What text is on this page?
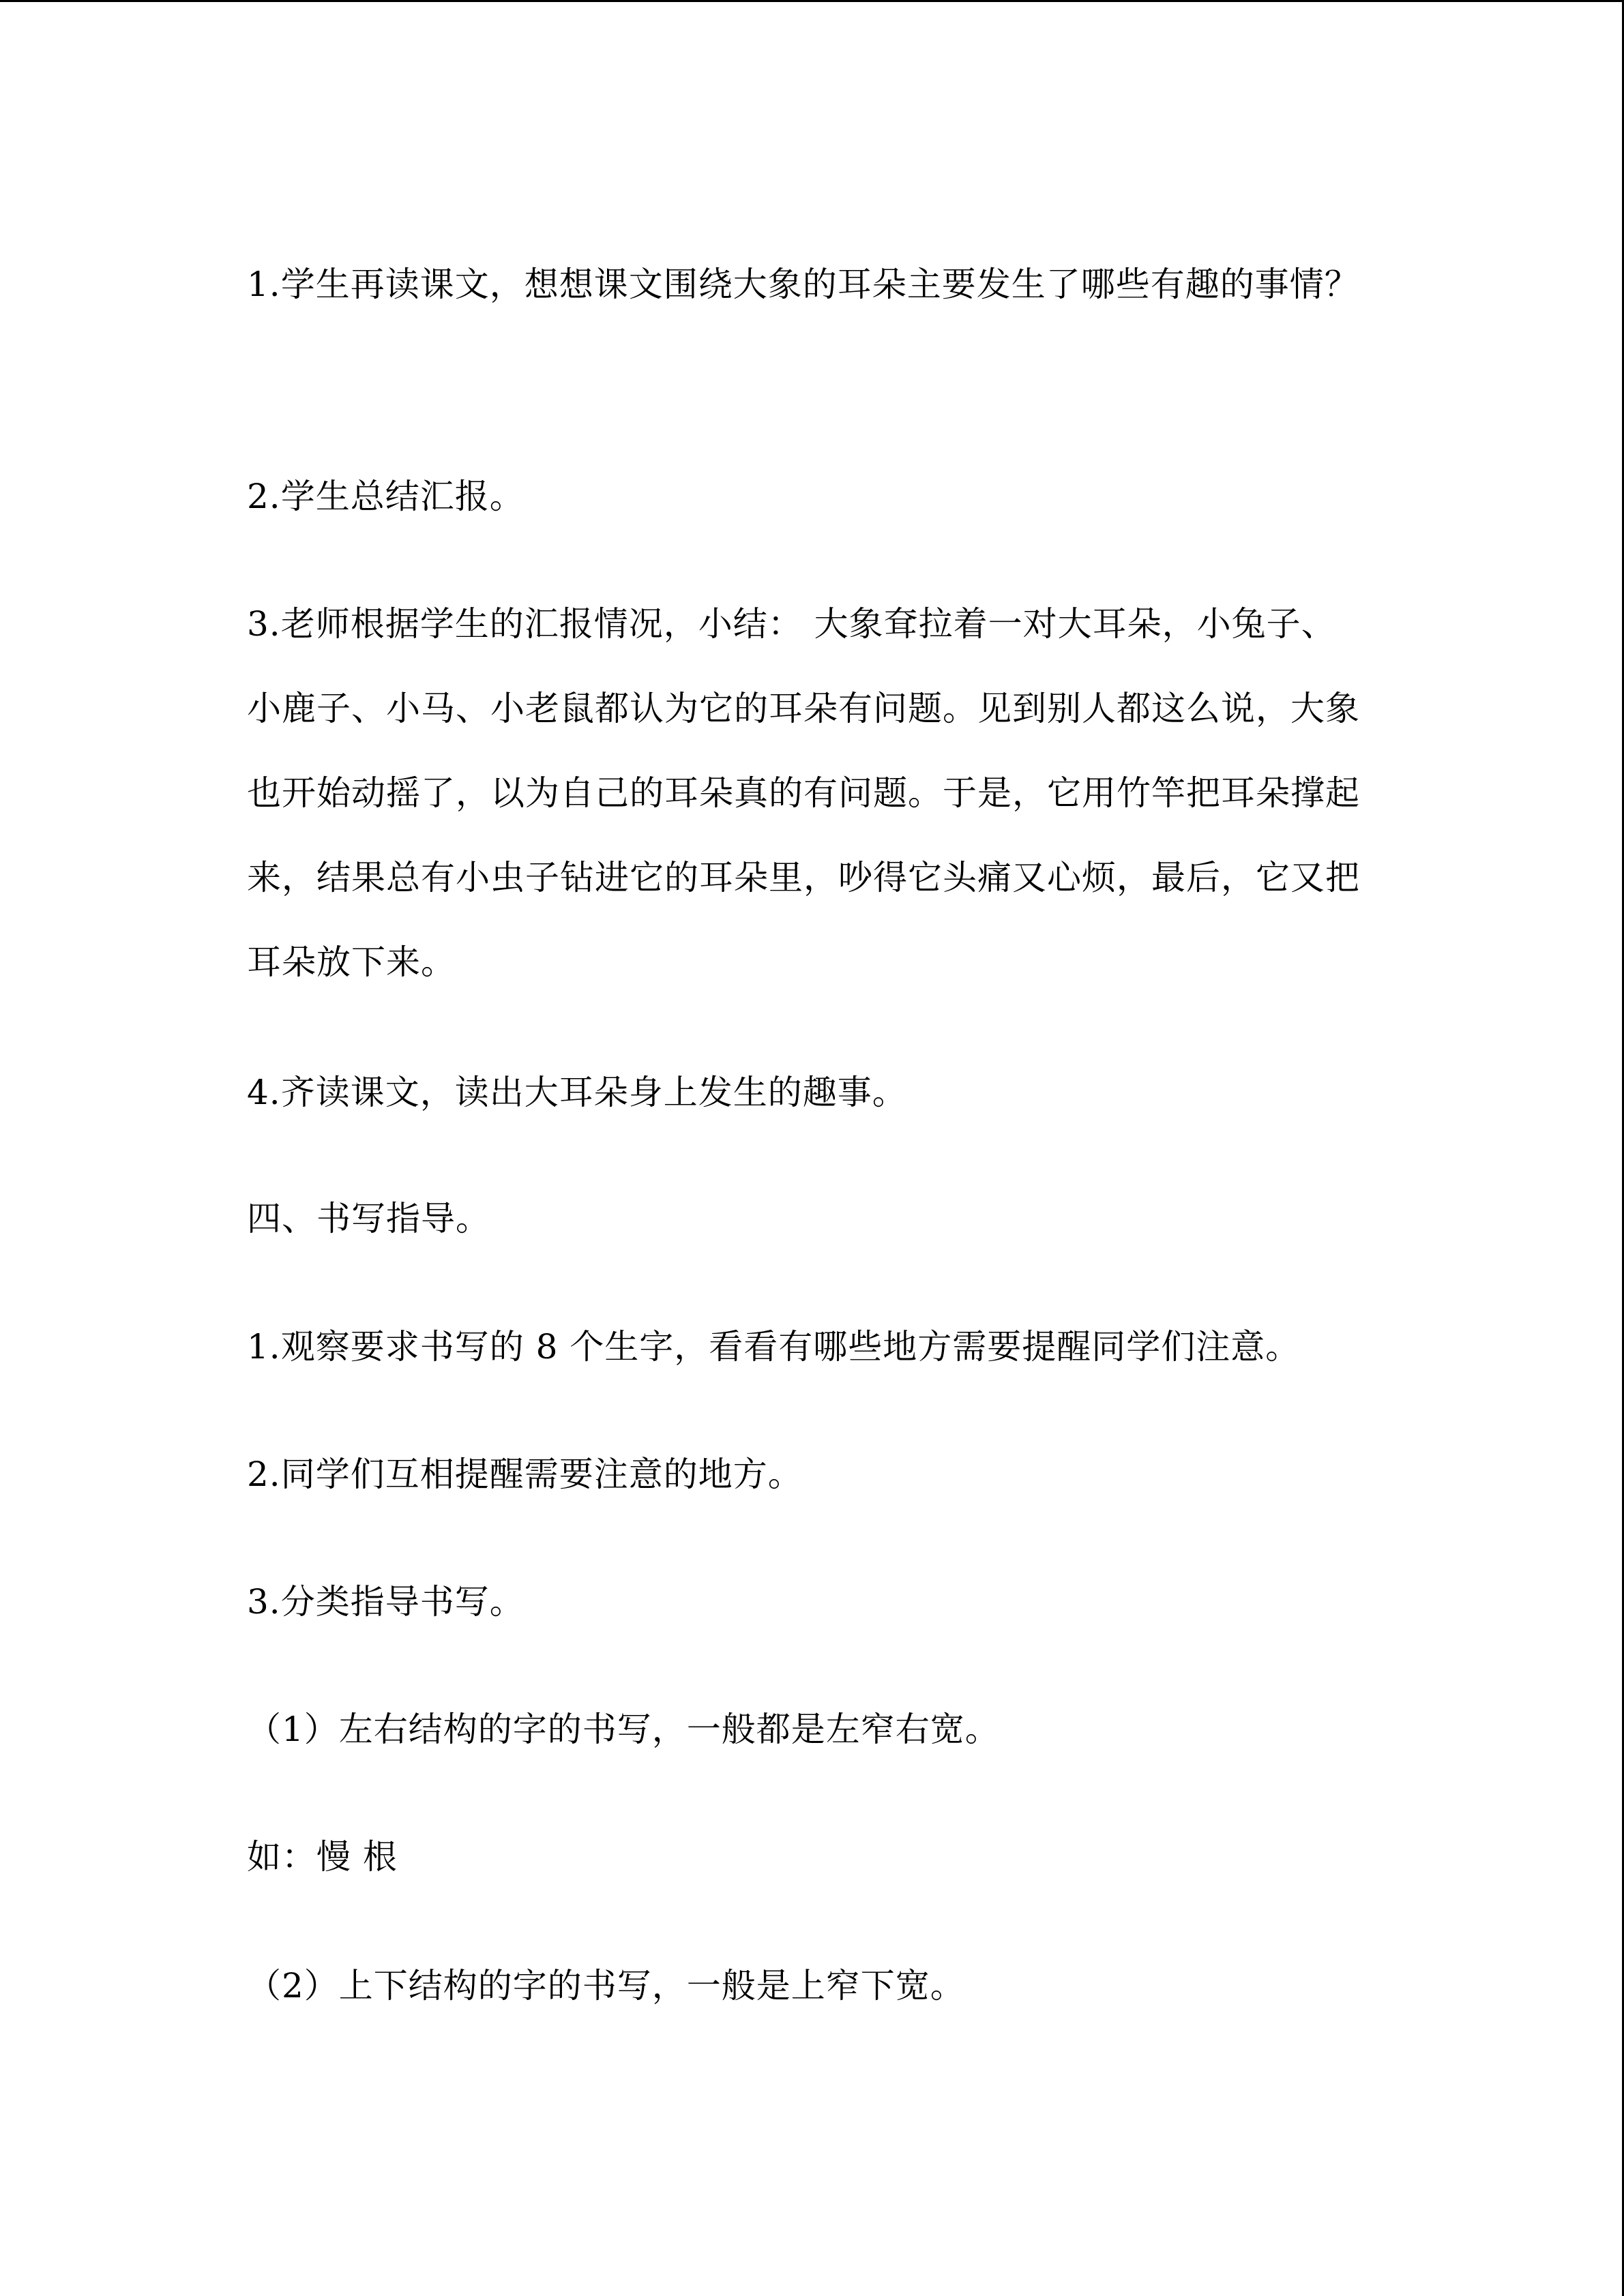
1.学生再读课文，想想课文围绕大象的耳朵主要发生了哪些有趣的事情？

2.学生总结汇报。

3.老师根据学生的汇报情况，小结： 大象耷拉着一对大耳朵，小兔子、小鹿子、小马、小老鼠都认为它的耳朵有问题。见到别人都这么说，大象也开始动摇了，以为自己的耳朵真的有问题。于是，它用竹竿把耳朵撑起来，结果总有小虫子钻进它的耳朵里，吵得它头痛又心烦，最后，它又把耳朵放下来。

4.齐读课文，读出大耳朵身上发生的趣事。

四、书写指导。

1.观察要求书写的 8 个生字，看看有哪些地方需要提醒同学们注意。

2.同学们互相提醒需要注意的地方。

3.分类指导书写。

（1）左右结构的字的书写，一般都是左窄右宽。

如：慢 根

（2）上下结构的字的书写，一般是上窄下宽。
